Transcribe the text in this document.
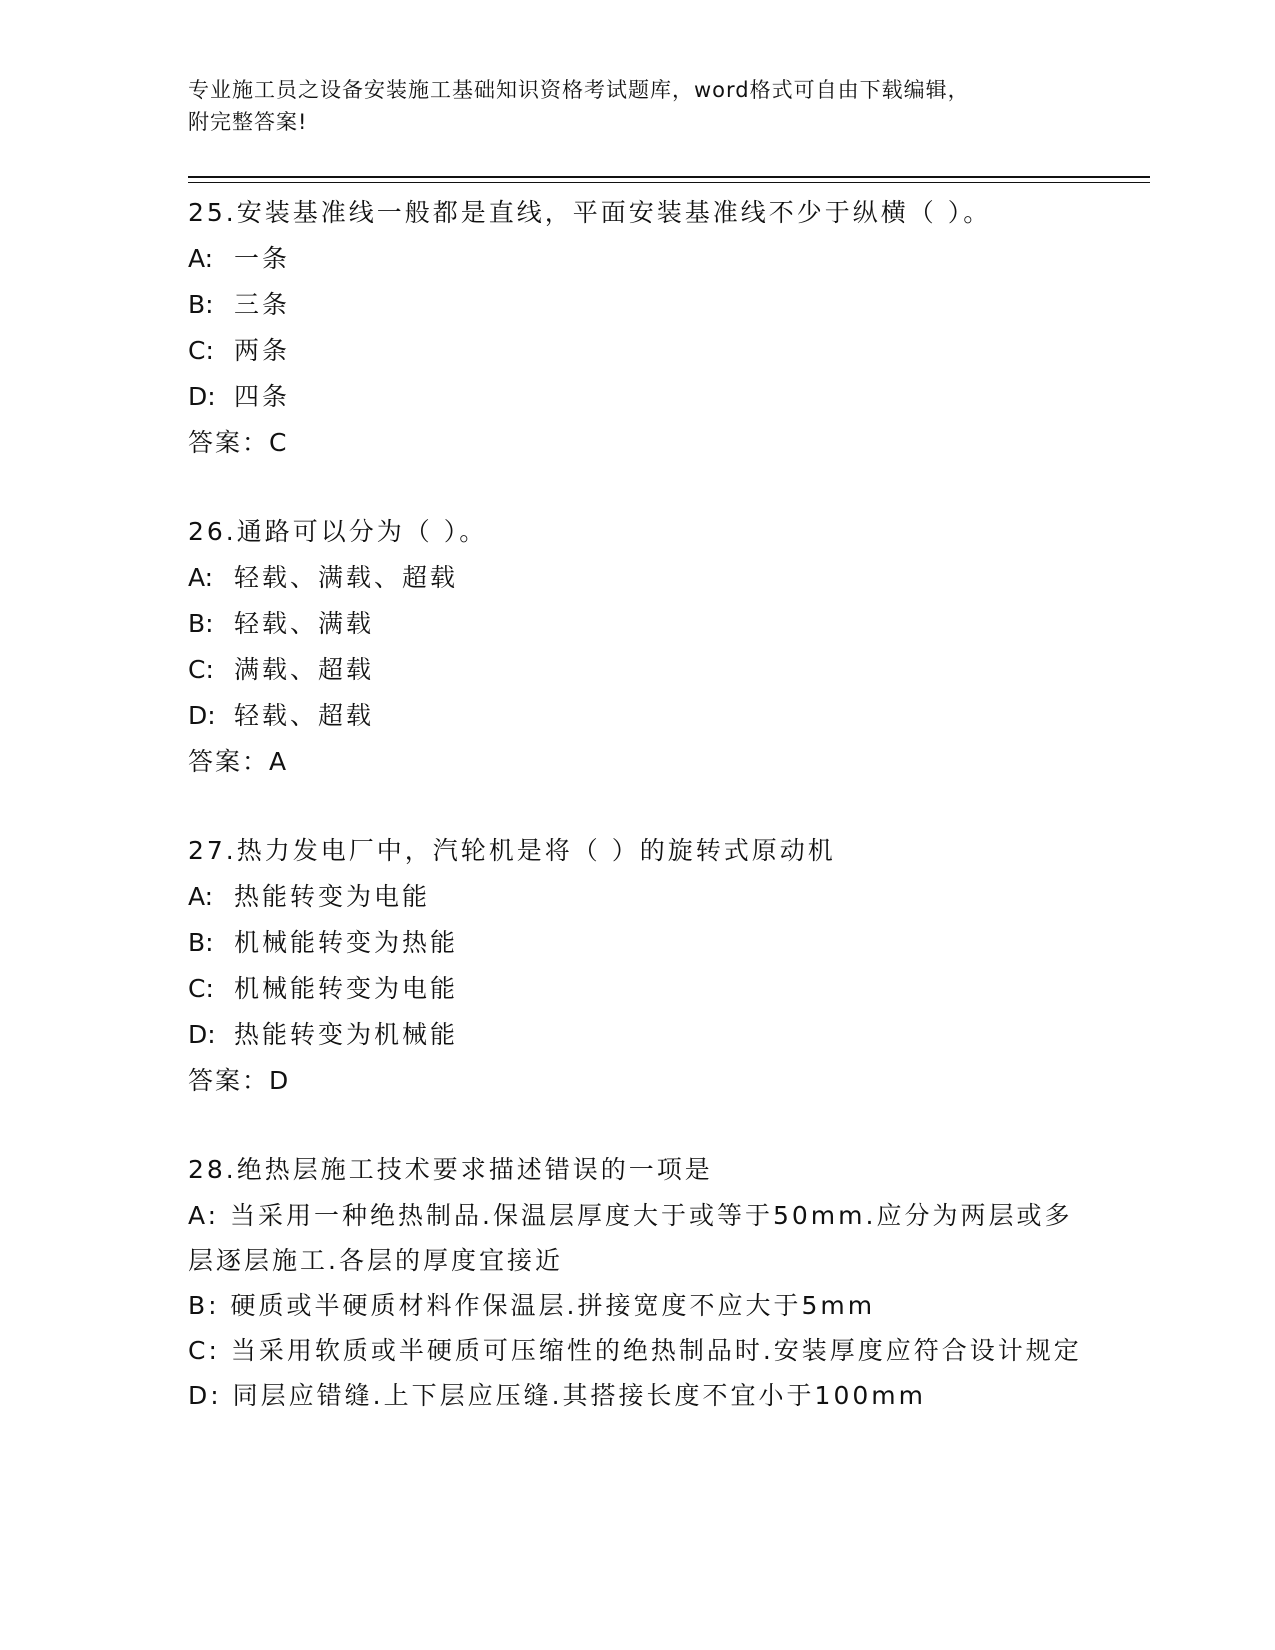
专业施工员之设备安装施工基础知识资格考试题库，word格式可自由下载编辑，

附完整答案!

25.安装基准线一般都是直线，平面安装基准线不少于纵横（ ）。

A: 一条

B: 三条

C: 两条

D: 四条

答案：C

26.通路可以分为（ ）。

A: 轻载、满载、超载

B: 轻载、满载

C: 满载、超载

D: 轻载、超载

答案：A

27.热力发电厂中，汽轮机是将（ ）的旋转式原动机

A: 热能转变为电能

B: 机械能转变为热能

C: 机械能转变为电能

D: 热能转变为机械能

答案：D

28.绝热层施工技术要求描述错误的一项是

A: 当采用一种绝热制品.保温层厚度大于或等于50mm.应分为两层或多层逐层施工.各层的厚度宜接近

B: 硬质或半硬质材料作保温层.拼接宽度不应大于5mm

C: 当采用软质或半硬质可压缩性的绝热制品时.安装厚度应符合设计规定

D: 同层应错缝.上下层应压缝.其搭接长度不宜小于100mm
